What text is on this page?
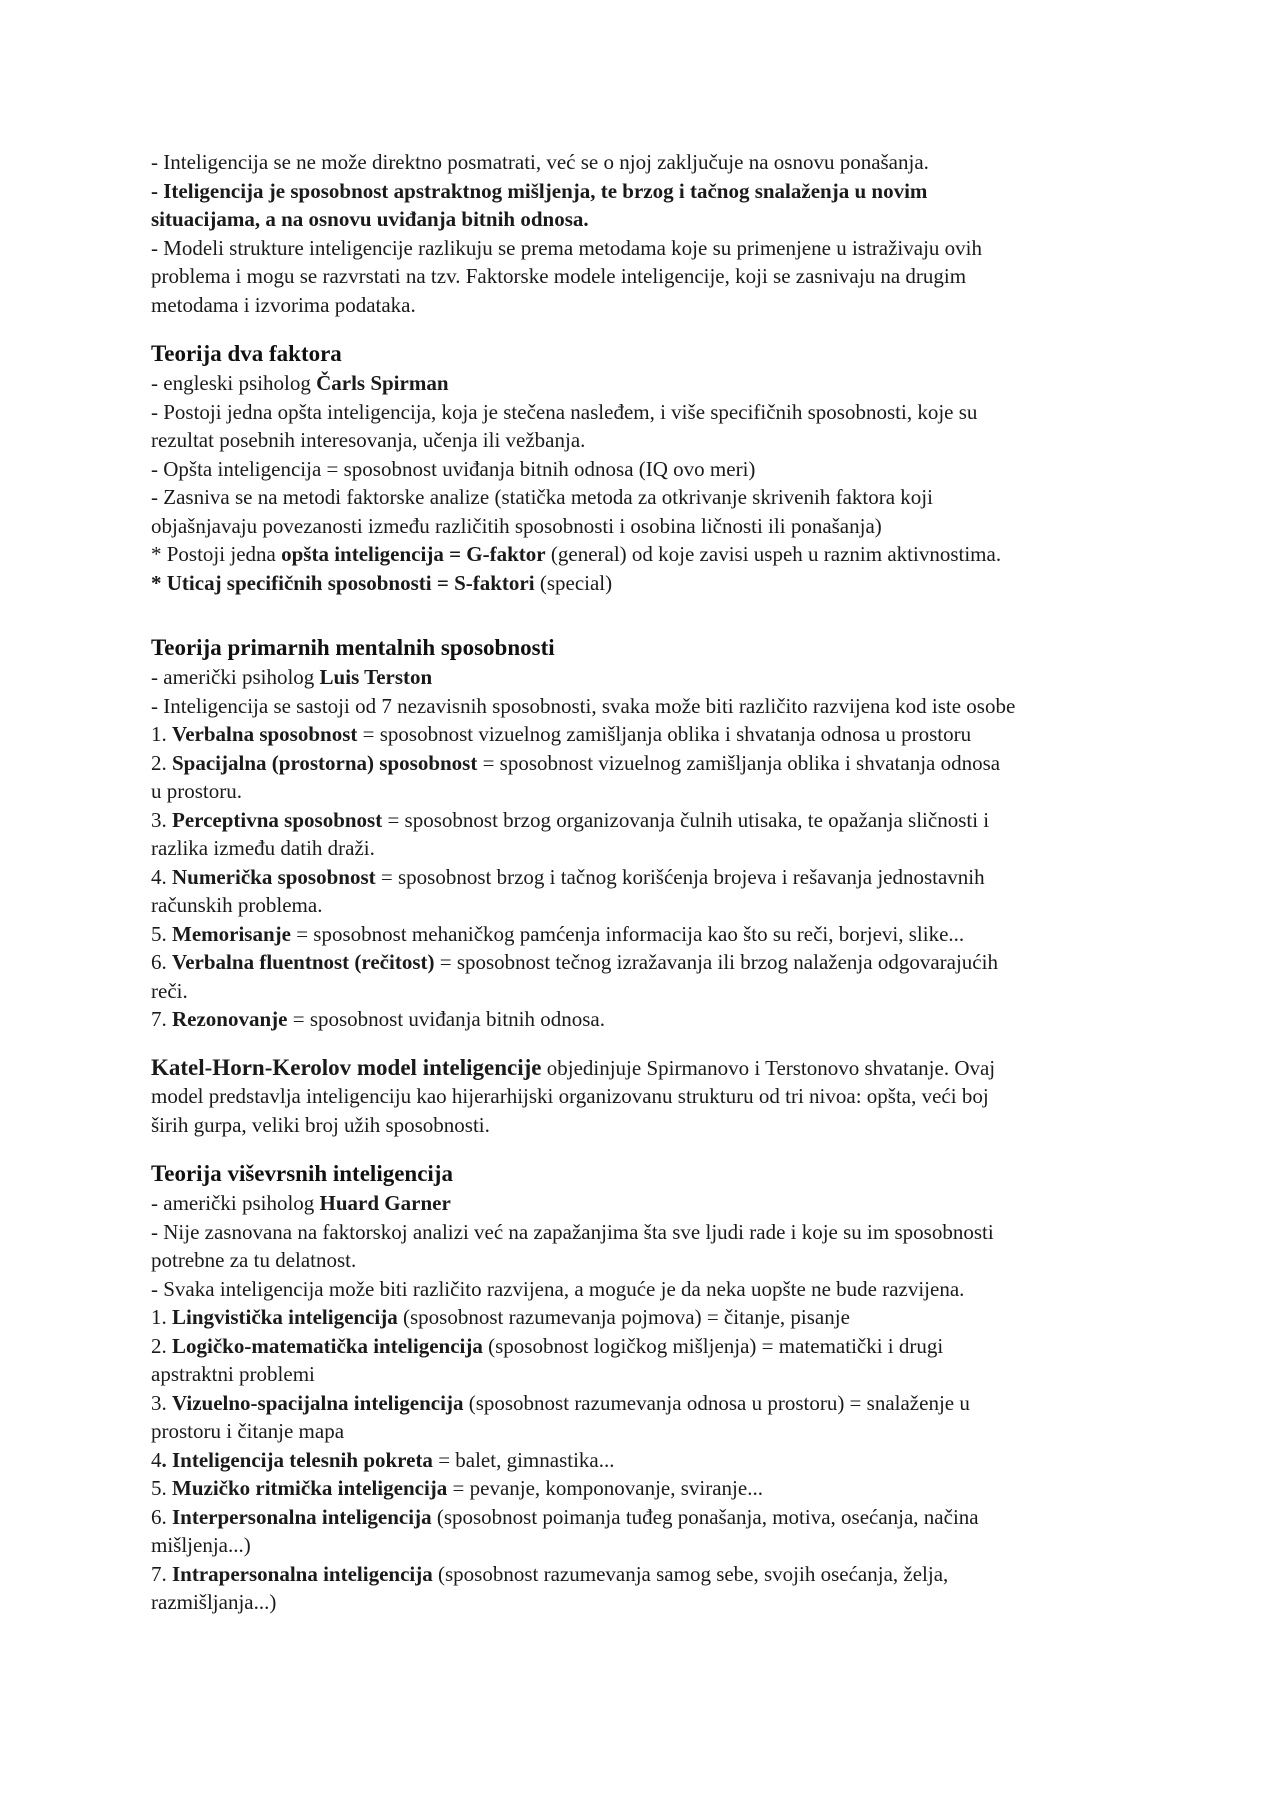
- Inteligencija se ne može direktno posmatrati, već se o njoj zaključuje na osnovu ponašanja.
- Iteligencija je sposobnost apstraktnog mišljenja, te brzog i tačnog snalaženja u novim
situacijama, a na osnovu uviđanja bitnih odnosa.
- Modeli strukture inteligencije razlikuju se prema metodama koje su primenjene u istraživaju ovih
problema i mogu se razvrstati na tzv. Faktorske modele inteligencije, koji se zasnivaju na drugim
metodama i izvorima podataka.
Teorija dva faktora
- engleski psiholog Čarls Spirman
- Postoji jedna opšta inteligencija, koja je stečena nasleđem, i više specifičnih sposobnosti, koje su
rezultat posebnih interesovanja, učenja ili vežbanja.
- Opšta inteligencija = sposobnost uviđanja bitnih odnosa (IQ ovo meri)
- Zasniva se na metodi faktorske analize (statička metoda za otkrivanje skrivenih faktora koji
objašnjavaju povezanosti između različitih sposobnosti i osobina ličnosti ili ponašanja)
* Postoji jedna opšta inteligencija = G-faktor (general) od koje zavisi uspeh u raznim aktivnostima.
* Uticaj specifičnih sposobnosti = S-faktori (special)
Teorija primarnih mentalnih sposobnosti
- američki psiholog Luis Terston
- Inteligencija se sastoji od 7 nezavisnih sposobnosti, svaka može biti različito razvijena kod iste osobe
1. Verbalna sposobnost = sposobnost vizuelnog zamišljanja oblika i shvatanja odnosa u prostoru
2. Spacijalna (prostorna) sposobnost = sposobnost vizuelnog zamišljanja oblika i shvatanja odnosa
u prostoru.
3. Perceptivna sposobnost = sposobnost brzog organizovanja čulnih utisaka, te opažanja sličnosti i
razlika između datih draži.
4. Numerička sposobnost = sposobnost brzog i tačnog korišćenja brojeva i rešavanja jednostavnih
računskih problema.
5. Memorisanje = sposobnost mehaničkog pamćenja informacija kao što su reči, borjevi, slike...
6. Verbalna fluentnost (rečitost) = sposobnost tečnog izražavanja ili brzog nalaženja odgovarajućih
reči.
7. Rezonovanje = sposobnost uviđanja bitnih odnosa.
Katel-Horn-Kerolov model inteligencije objedinjuje Spirmanovo i Terstonovo shvatanje. Ovaj
model predstavlja inteligenciju kao hijerarhijski organizovanu strukturu od tri nivoa: opšta, veći boj
širih gurpa, veliki broj užih sposobnosti.
Teorija viševrsnih inteligencija
- američki psiholog Huard Garner
- Nije zasnovana na faktorskoj analizi već na zapažanjima šta sve ljudi rade i koje su im sposobnosti
potrebne za tu delatnost.
- Svaka inteligencija može biti različito razvijena, a moguće je da neka uopšte ne bude razvijena.
1. Lingvistička inteligencija (sposobnost razumevanja pojmova) = čitanje, pisanje
2. Logičko-matematička inteligencija (sposobnost logičkog mišljenja) = matematički i drugi
apstraktni problemi
3. Vizuelno-spacijalna inteligencija (sposobnost razumevanja odnosa u prostoru) = snalaženje u
prostoru i čitanje mapa
4. Inteligencija telesnih pokreta = balet, gimnastika...
5. Muzičko ritmička inteligencija = pevanje, komponovanje, sviranje...
6. Interpersonalna inteligencija (sposobnost poimanja tuđeg ponašanja, motiva, osećanja, načina
mišljenja...)
7. Intrapersonalna inteligencija (sposobnost razumevanja samog sebe, svojih osećanja, želja,
razmišljanja...)
